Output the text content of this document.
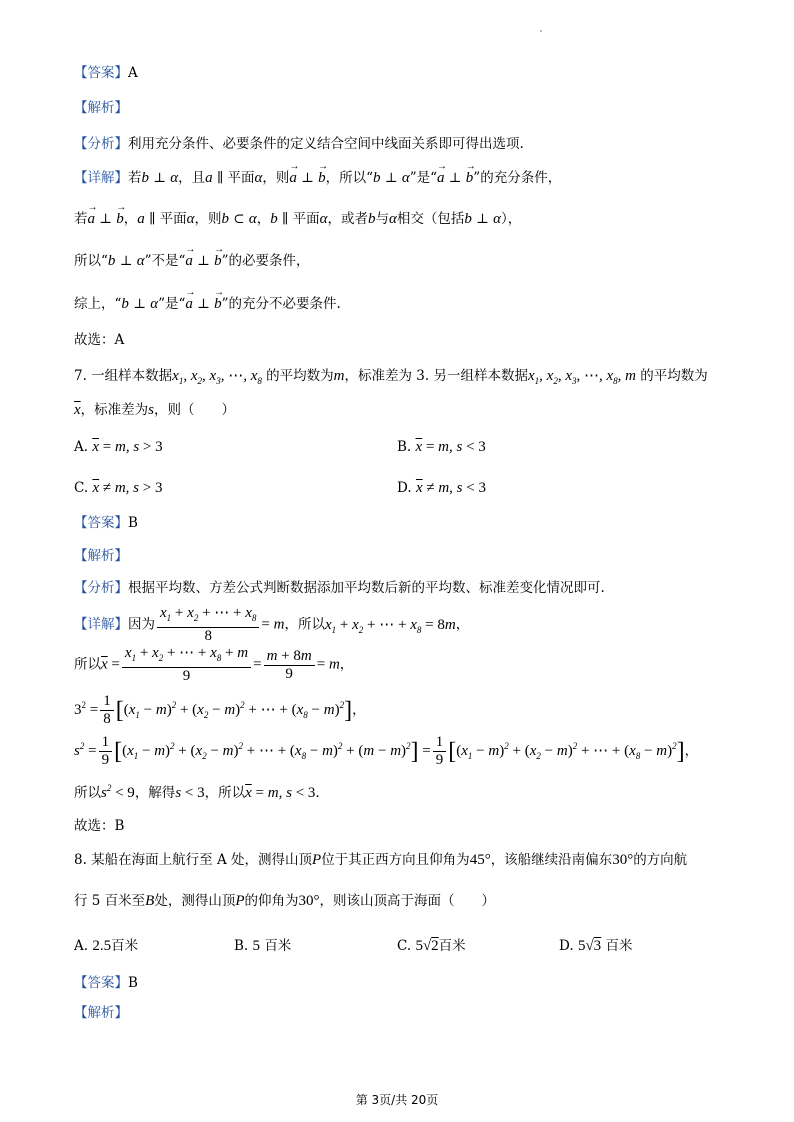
【答案】A
【解析】
【分析】利用充分条件、必要条件的定义结合空间中线面关系即可得出选项.
【详解】若b ⊥ α，且a ∥ 平面α，则→ a ⊥ → b，所以“b ⊥ α”是“→ a ⊥ → b”的充分条件，
若→ a ⊥ → b，a ∥ 平面α，则b ⊂ α，b ∥ 平面α，或者b与α相交（包括b ⊥ α），
所以“b ⊥ α”不是“→ a ⊥ → b”的必要条件，
综上，“b ⊥ α”是“→ a ⊥ → b”的充分不必要条件.
故选：A
7. 一组样本数据$x_1$, $x_2$, $x_3$, ⋯, $x_8$ 的平均数为m，标准差为 3. 另一组样本数据$x_1$, $x_2$, $x_3$, ⋯, $x_8$, m 的平均数为
$\overline{x}$，标准差为s，则（　　）
A. $\overline{x} = m$, s > 3	B. $\overline{x} = m$, s < 3
C. $\overline{x} \ne m$, s > 3	D. $\overline{x} \ne m$, s < 3
【答案】B
【解析】
【分析】根据平均数、方差公式判断数据添加平均数后新的平均数、标准差变化情况即可.
【详解】因为 $\frac{x_1 + x_2 + \cdots + x_8}{8} = m$，所以$x_1 + x_2$ + ⋯ + $x_8 = 8m$，
所以$\overline{x} = \frac{x_1 + x_2 + \cdots + x_8 + m}{9} = \frac{m + 8m}{9} = m$，
$3^2 = \frac{1}{8} [(x_1 - m)^2 + (x_2 - m)^2$ + ⋯ + $(x_8 - m)^2$]，
$s^2 = \frac{1}{9} [(x_1 - m)^2 + (x_2 - m)^2$ + ⋯ + $(x_8 - m)^2 + (m - m)^2] = \frac{1}{9} [(x_1 - m)^2 + (x_2 - m)^2$ + ⋯ + $(x_8 - m)^2$]，
所以$s^2 < 9$，解得s < 3，所以$\overline{x} = m$, s < 3.
故选：B
8. 某船在海面上航行至 A 处，测得山顶P位于其正西方向且仰角为45°，该船继续沿南偏东30°的方向航
行 5 百米至B处，测得山顶P的仰角为30°，则该山顶高于海面（　　）
A. 2.5百米	B. 5 百米	C. 5√2百米	D. 5√3 百米
【答案】B
【解析】
第 3页/共 20页
